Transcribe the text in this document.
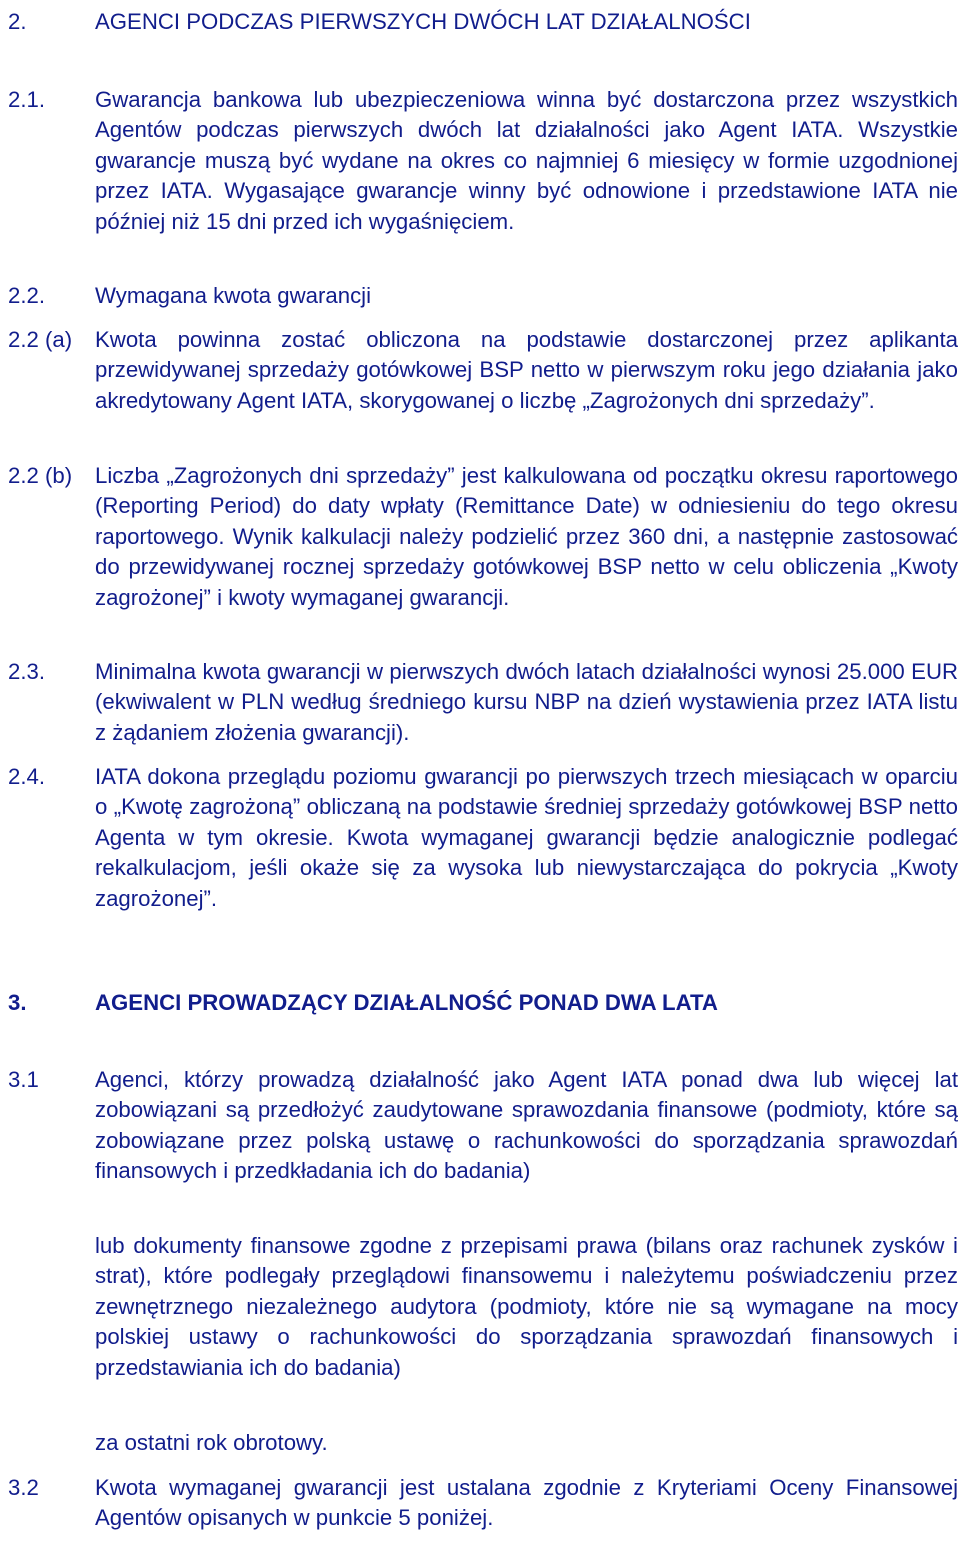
2.	AGENCI PODCZAS PIERWSZYCH DWÓCH LAT DZIAŁALNOŚCI
2.1.	Gwarancja bankowa lub ubezpieczeniowa winna być dostarczona przez wszystkich Agentów podczas pierwszych dwóch lat działalności jako Agent IATA. Wszystkie gwarancje muszą być wydane na okres co najmniej 6 miesięcy w formie uzgodnionej przez IATA. Wygasające gwarancje winny być odnowione i przedstawione IATA nie później niż 15 dni przed ich wygaśnięciem.
2.2.	Wymagana kwota gwarancji
2.2 (a)	Kwota powinna zostać obliczona na podstawie dostarczonej przez aplikanta przewidywanej sprzedaży gotówkowej BSP netto w pierwszym roku jego działania jako akredytowany Agent IATA, skorygowanej o liczbę „Zagrożonych dni sprzedaży”.
2.2 (b)	Liczba „Zagrożonych dni sprzedaży” jest kalkulowana od początku okresu raportowego (Reporting Period) do daty wpłaty (Remittance Date) w odniesieniu do tego okresu raportowego. Wynik kalkulacji należy podzielić przez 360 dni, a następnie zastosować do przewidywanej rocznej sprzedaży gotówkowej BSP netto w celu obliczenia „Kwoty zagrożonej” i kwoty wymaganej gwarancji.
2.3.	Minimalna kwota gwarancji w pierwszych dwóch latach działalności wynosi 25.000 EUR (ekwiwalent w PLN według średniego kursu NBP na dzień wystawienia przez IATA listu z żądaniem złożenia gwarancji).
2.4.	IATA dokona przeglądu poziomu gwarancji po pierwszych trzech miesiącach w oparciu o „Kwotę zagrożoną” obliczaną na podstawie średniej sprzedaży gotówkowej BSP netto Agenta w tym okresie. Kwota wymaganej gwarancji będzie analogicznie podlegać rekalkulacjom, jeśli okaże się za wysoka lub niewystarczająca do pokrycia „Kwoty zagrożonej”.
3.	AGENCI PROWADZĄCY DZIAŁALNOŚĆ PONAD DWA LATA
3.1	Agenci, którzy prowadzą działalność jako Agent IATA ponad dwa lub więcej lat zobowiązani są przedłożyć zaudytowane sprawozdania finansowe (podmioty, które są zobowiązane przez polską ustawę o rachunkowości do sporządzania sprawozdań finansowych i przedkładania ich do badania)
lub dokumenty finansowe zgodne z przepisami prawa (bilans oraz rachunek zysków i strat), które podlegały przeglądowi finansowemu i należytemu poświadczeniu przez zewnętrznego niezależnego audytora (podmioty, które nie są wymagane na mocy polskiej ustawy o rachunkowości do sporządzania sprawozdań finansowych i przedstawiania ich do badania)
za ostatni rok obrotowy.
3.2	Kwota wymaganej gwarancji jest ustalana zgodnie z Kryteriami Oceny Finansowej Agentów opisanych w punkcie 5 poniżej.
